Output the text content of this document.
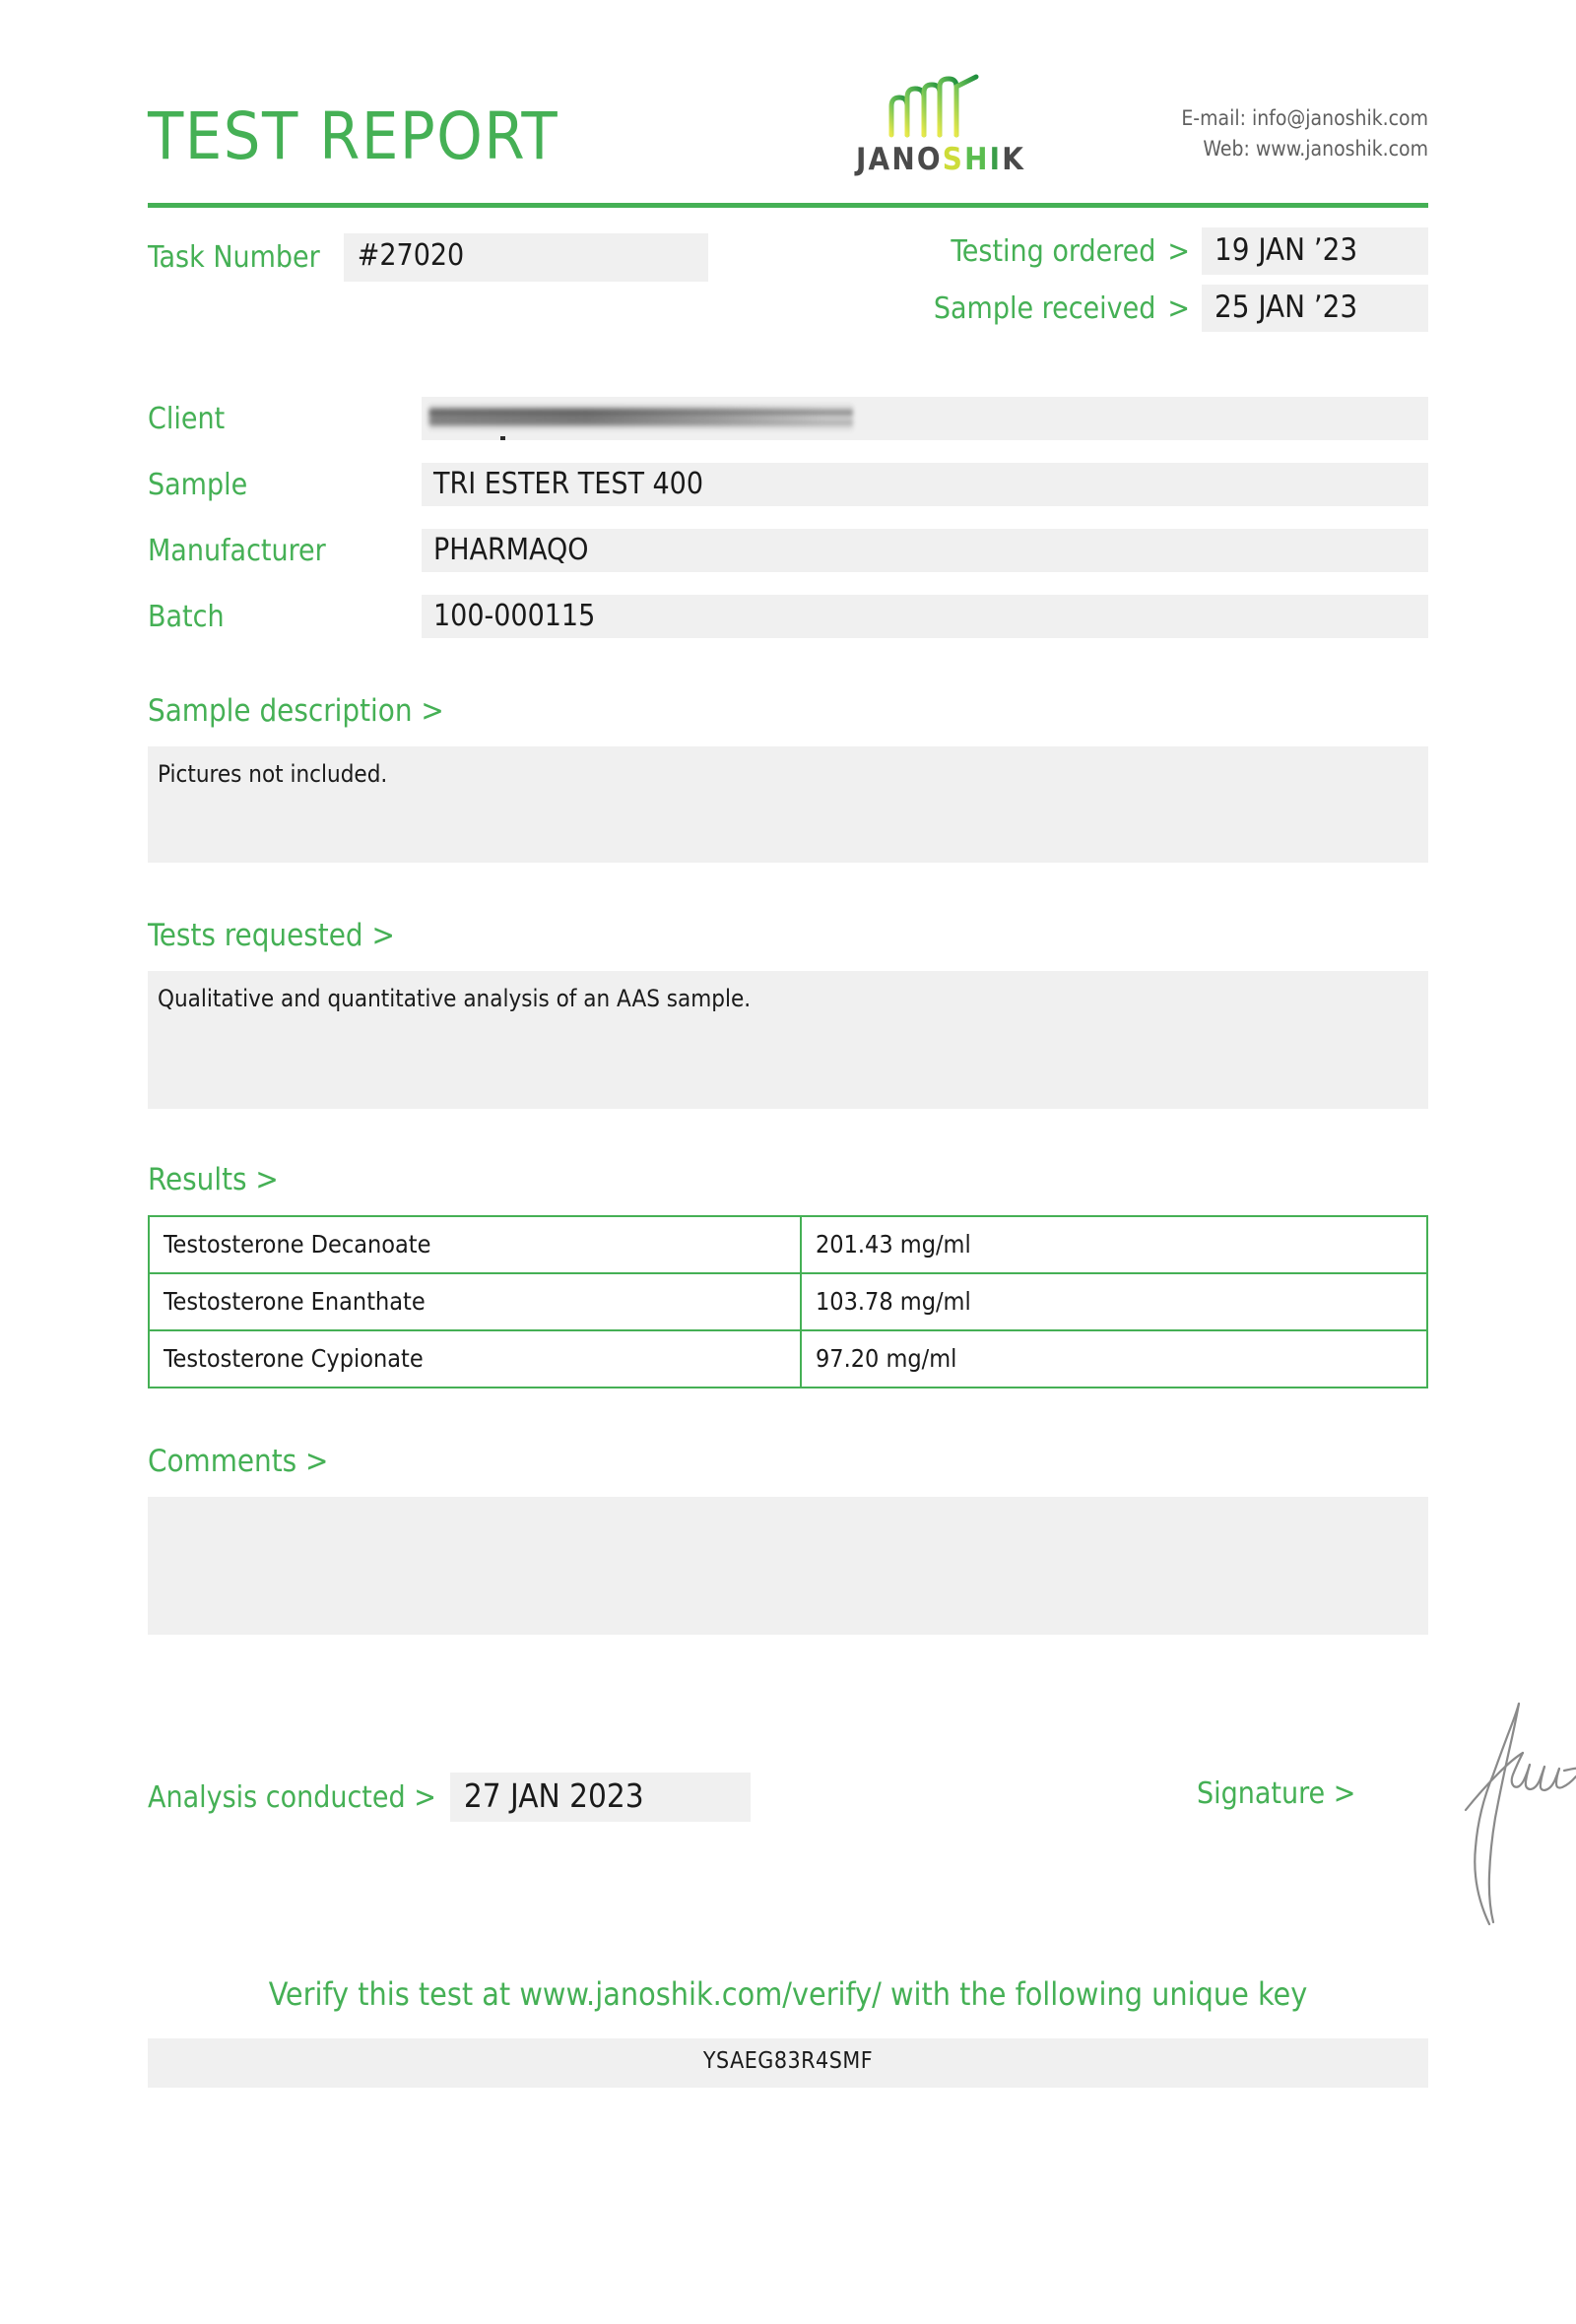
TEST REPORT	JANOSHIK
E-mail: info@janoshik.com
Web: www.janoshik.com
Task Number	#27020	Testing ordered > 19 JAN ’23
Sample received > 25 JAN ’23
Client
Sample	TRI ESTER TEST 400
Manufacturer	PHARMAQO
Batch	100-000115
Sample description >
Pictures not included.
Tests requested >
Qualitative and quantitative analysis of an AAS sample.
Results >
Testosterone Decanoate	201.43 mg/ml
Testosterone Enanthate	103.78 mg/ml
Testosterone Cypionate	97.20 mg/ml
Comments >
Analysis conducted > 27 JAN 2023	Signature >
Verify this test at www.janoshik.com/verify/ with the following unique key
YSAEG83R4SMF
